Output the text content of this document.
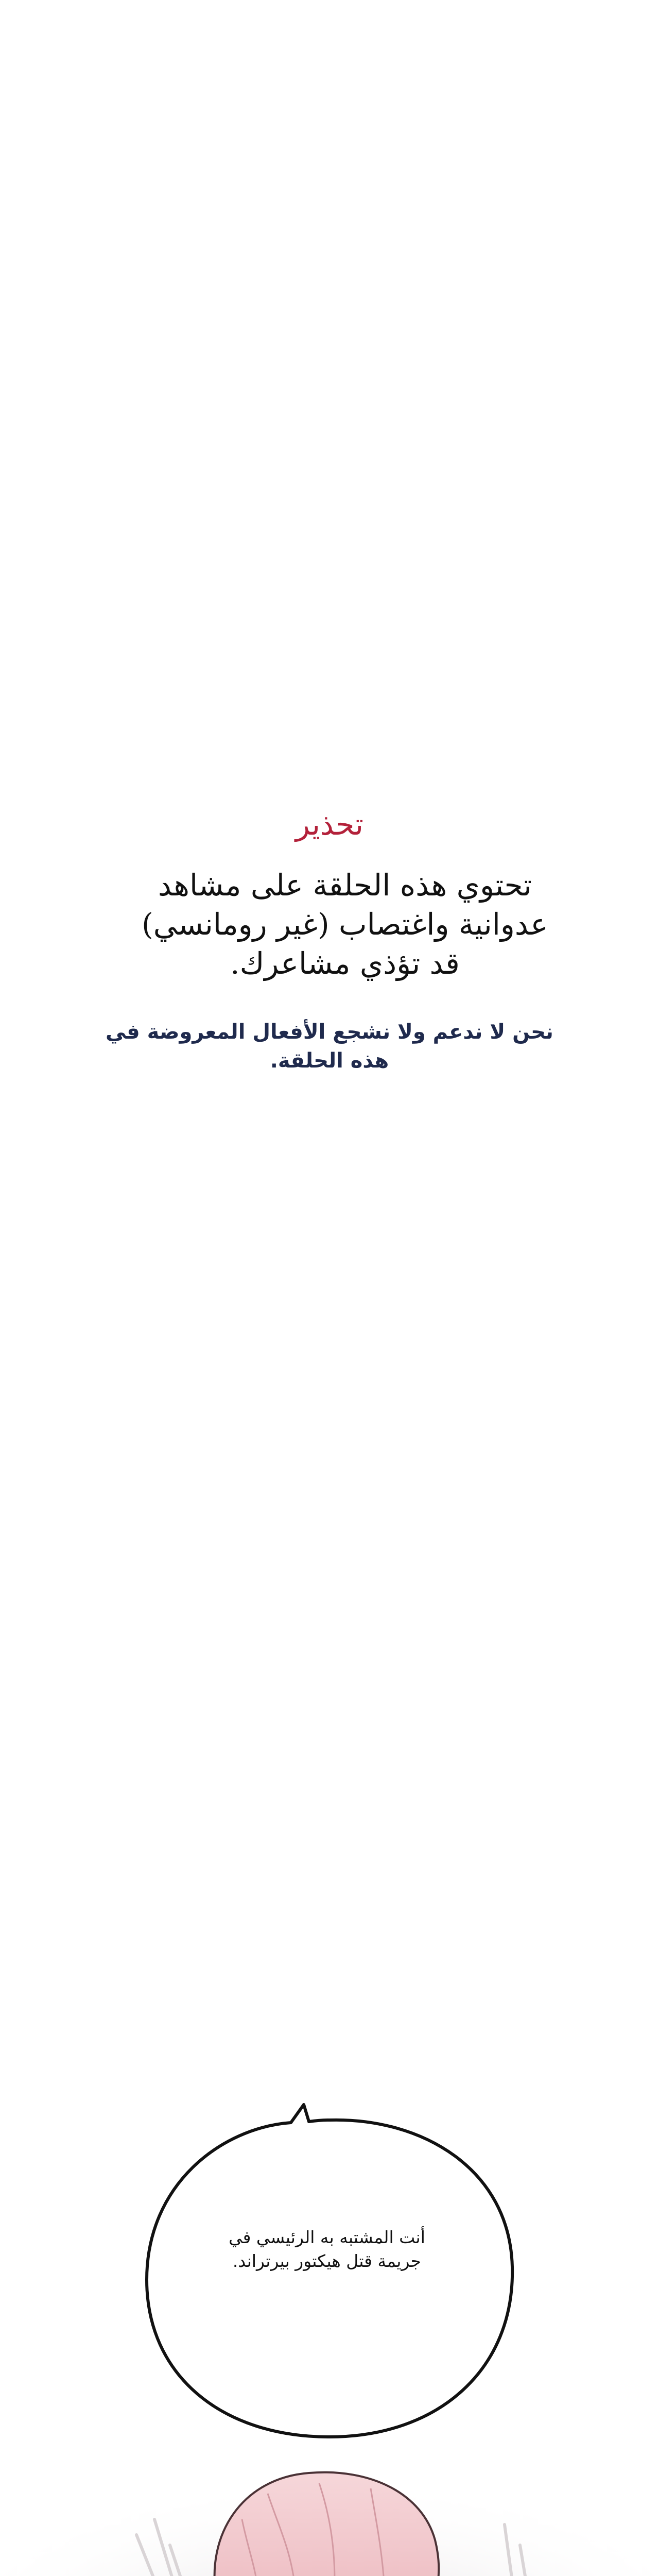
تحذير
تحتوي هذه الحلقة على مشاهد عدوانية واغتصاب (غير رومانسي) قد تؤذي مشاعرك.
نحن لا ندعم ولا نشجع الأفعال المعروضة في هذه الحلقة.
أنت المشتبه به الرئيسي في جريمة قتل هيكتور بيرتراند.
